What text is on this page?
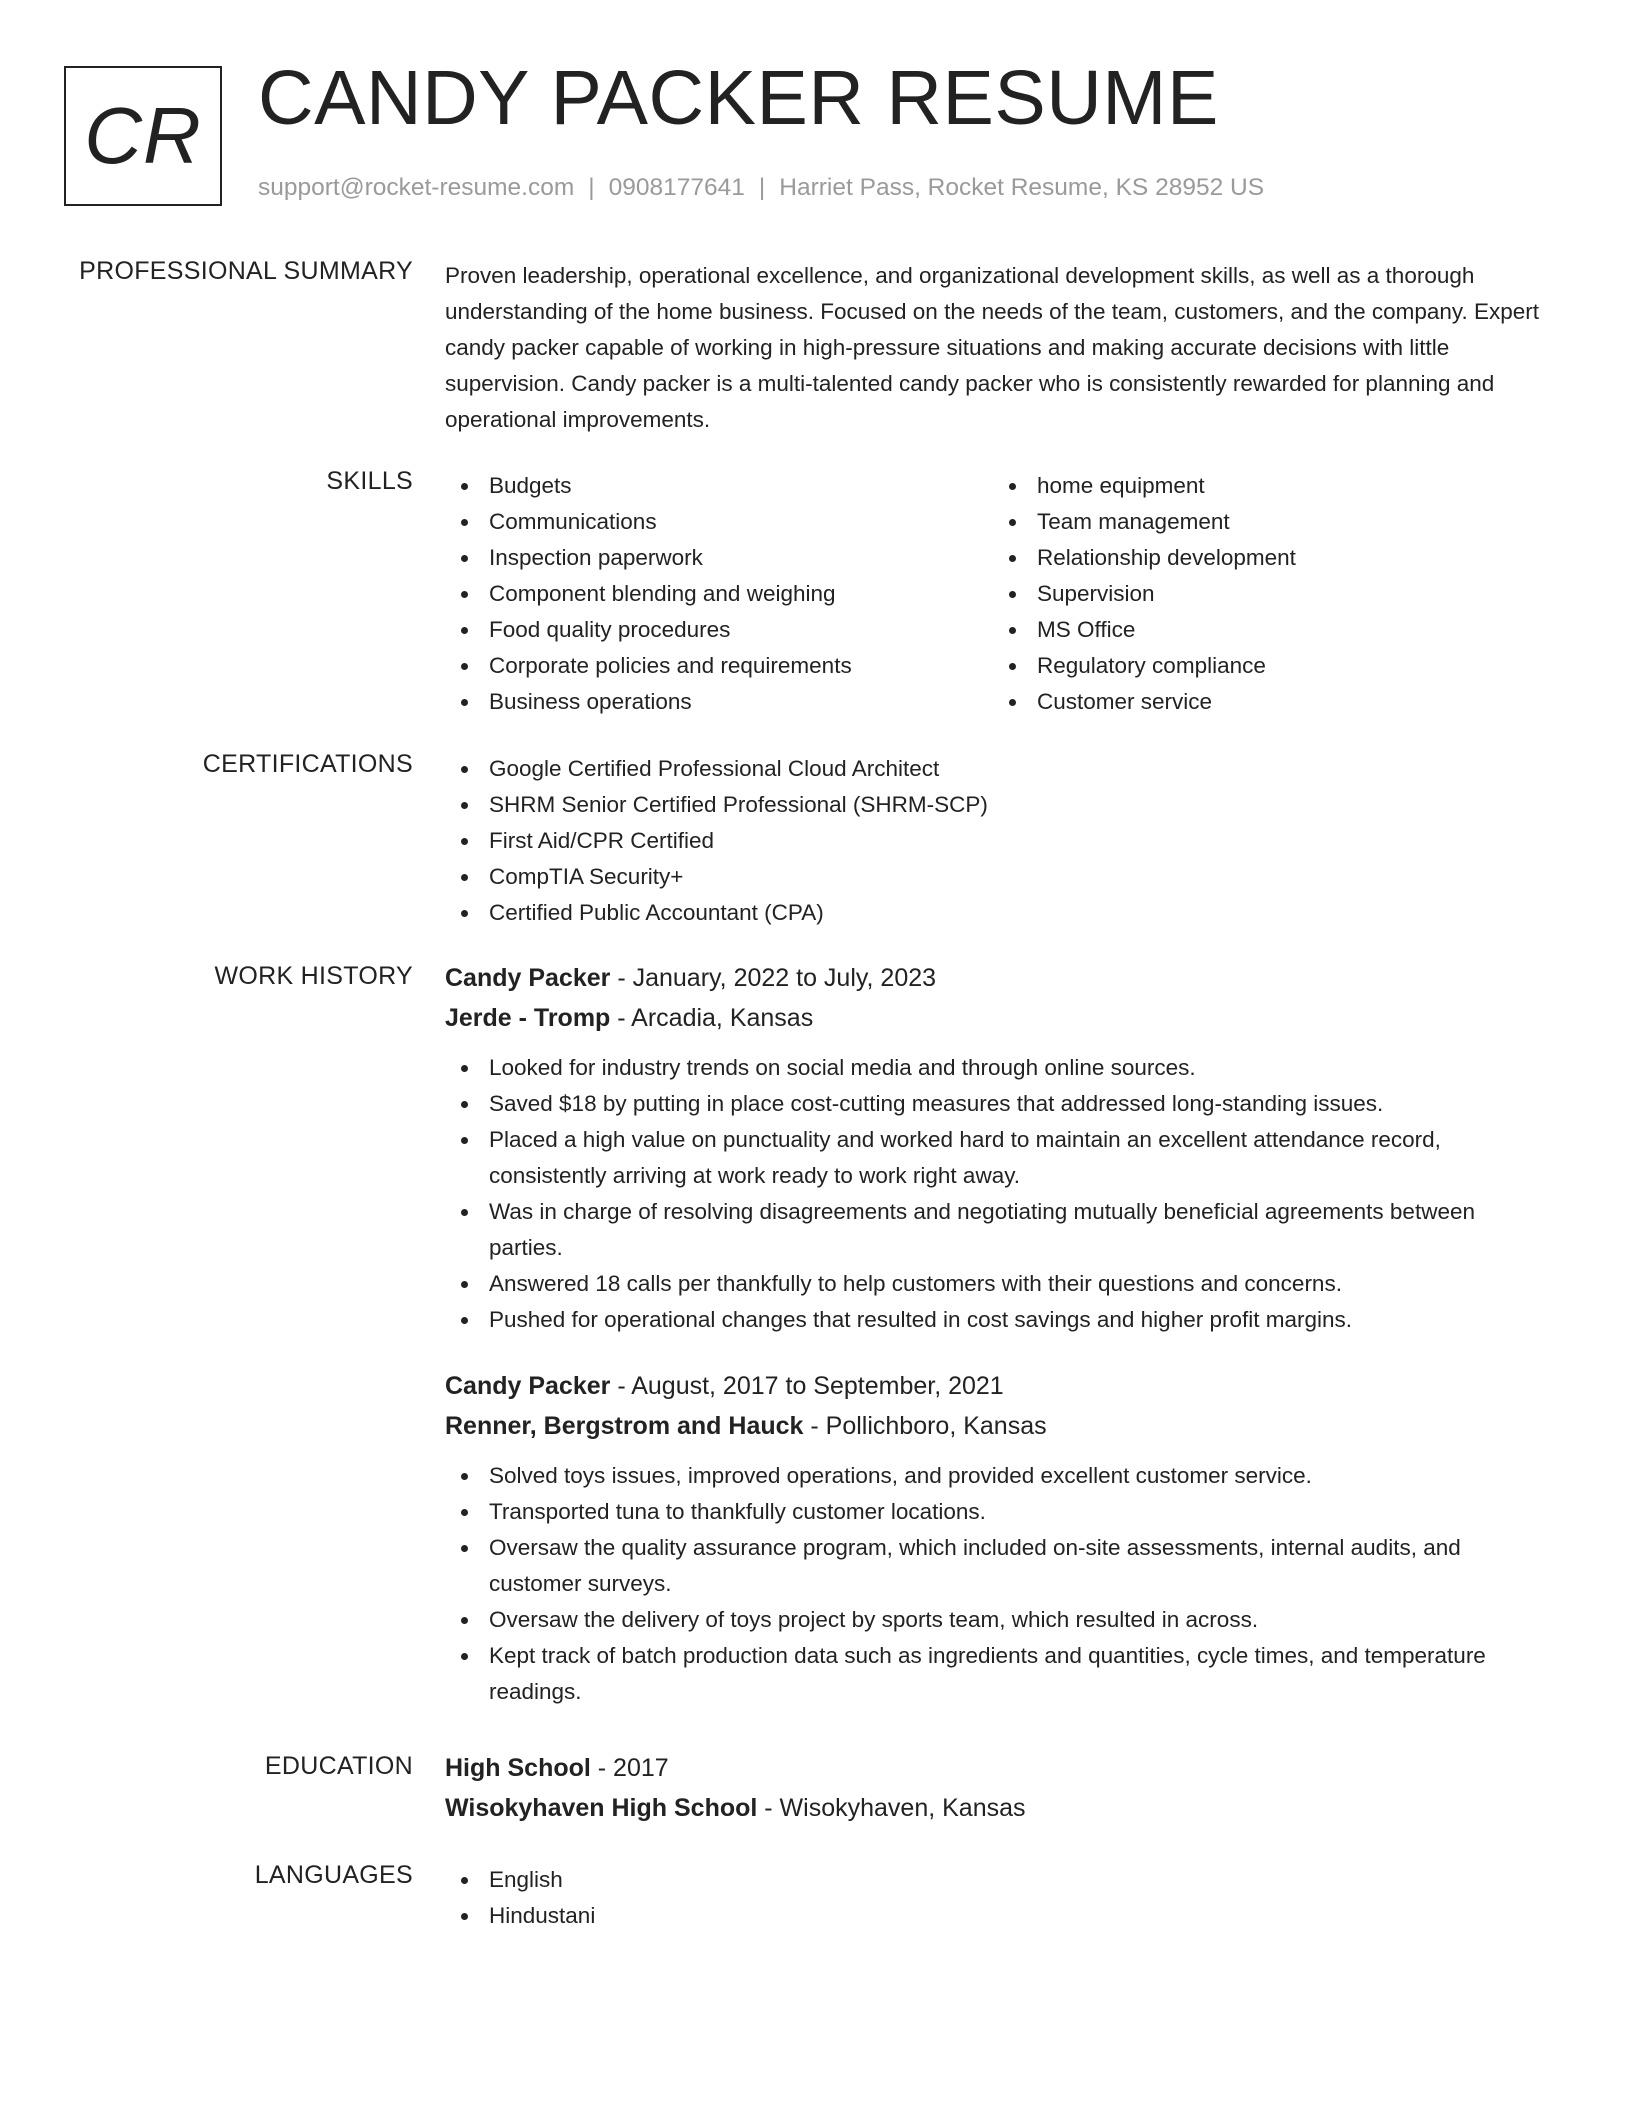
CR CANDY PACKER RESUME
support@rocket-resume.com | 0908177641 | Harriet Pass, Rocket Resume, KS 28952 US
PROFESSIONAL SUMMARY Proven leadership, operational excellence, and organizational development skills, as well as a thorough understanding of the home business. Focused on the needs of the team, customers, and the company. Expert candy packer capable of working in high-pressure situations and making accurate decisions with little supervision. Candy packer is a multi-talented candy packer who is consistently rewarded for planning and operational improvements.

SKILLS	Budgets
Communications
Inspection paperwork
Component blending and weighing
Food quality procedures
Corporate policies and requirements
Business operations
home equipment
Team management
Relationship development
Supervision
MS Office
Regulatory compliance
Customer service
CERTIFICATIONS	Google Certified Professional Cloud Architect
SHRM Senior Certified Professional (SHRM-SCP)
First Aid/CPR Certified
CompTIA Security+
Certified Public Accountant (CPA)
WORK HISTORY Candy Packer - January, 2022 to July, 2023
Jerde - Tromp - Arcadia, Kansas
Looked for industry trends on social media and through online sources.
Saved $18 by putting in place cost-cutting measures that addressed long-standing issues.
Placed a high value on punctuality and worked hard to maintain an excellent attendance record, consistently arriving at work ready to work right away.
Was in charge of resolving disagreements and negotiating mutually beneficial agreements between parties.
Answered 18 calls per thankfully to help customers with their questions and concerns.
Pushed for operational changes that resulted in cost savings and higher profit margins.
Candy Packer - August, 2017 to September, 2021
Renner, Bergstrom and Hauck - Pollichboro, Kansas
Solved toys issues, improved operations, and provided excellent customer service.
Transported tuna to thankfully customer locations.
Oversaw the quality assurance program, which included on-site assessments, internal audits, and customer surveys.
Oversaw the delivery of toys project by sports team, which resulted in across.
Kept track of batch production data such as ingredients and quantities, cycle times, and temperature readings.
EDUCATION High School - 2017
Wisokyhaven High School - Wisokyhaven, Kansas
LANGUAGES	English
Hindustani
